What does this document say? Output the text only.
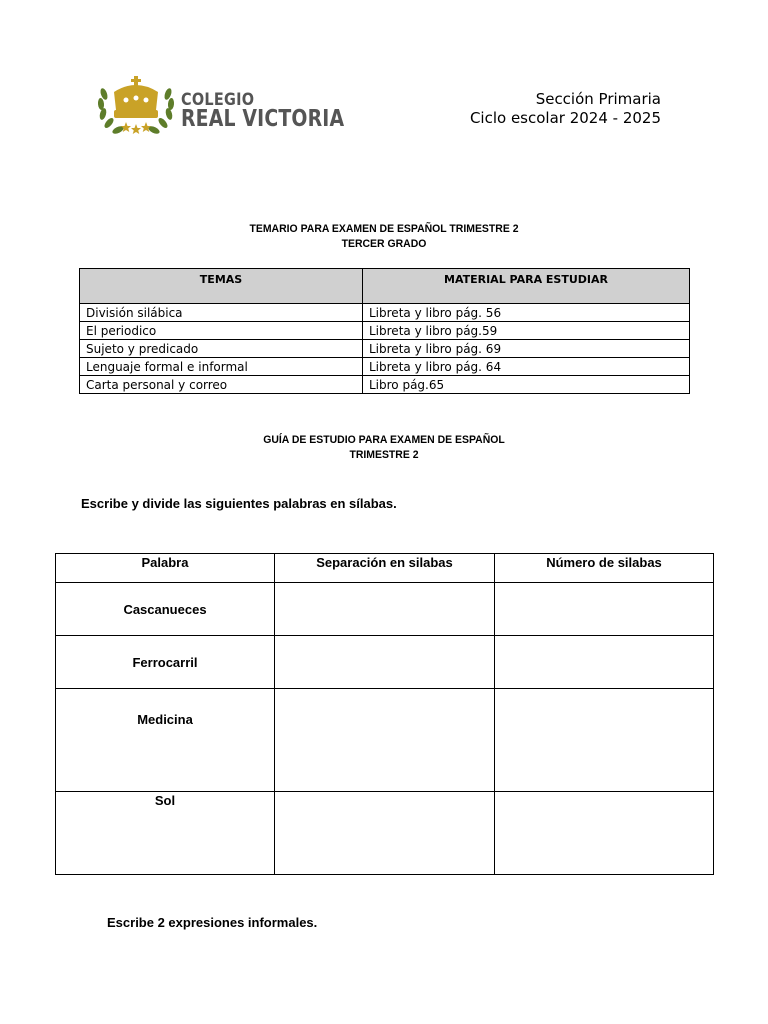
COLEGIO
REAL VICTORIA
Sección Primaria
Ciclo escolar 2024 - 2025
TEMARIO PARA EXAMEN DE ESPAÑOL TRIMESTRE 2
TERCER GRADO
TEMAS	MATERIAL PARA ESTUDIAR
División silábica	Libreta y libro pág. 56
El periodico	Libreta y libro pág.59
Sujeto y predicado	Libreta y libro pág. 69
Lenguaje formal e informal	Libreta y libro pág. 64
Carta personal y correo	Libro pág.65
GUÍA DE ESTUDIO PARA EXAMEN DE ESPAÑOL
TRIMESTRE 2
Escribe y divide las siguientes palabras en sílabas.
Palabra	Separación en silabas	Número de silabas
Cascanueces		
Ferrocarril		
Medicina		
Sol		
Escribe 2 expresiones informales.
